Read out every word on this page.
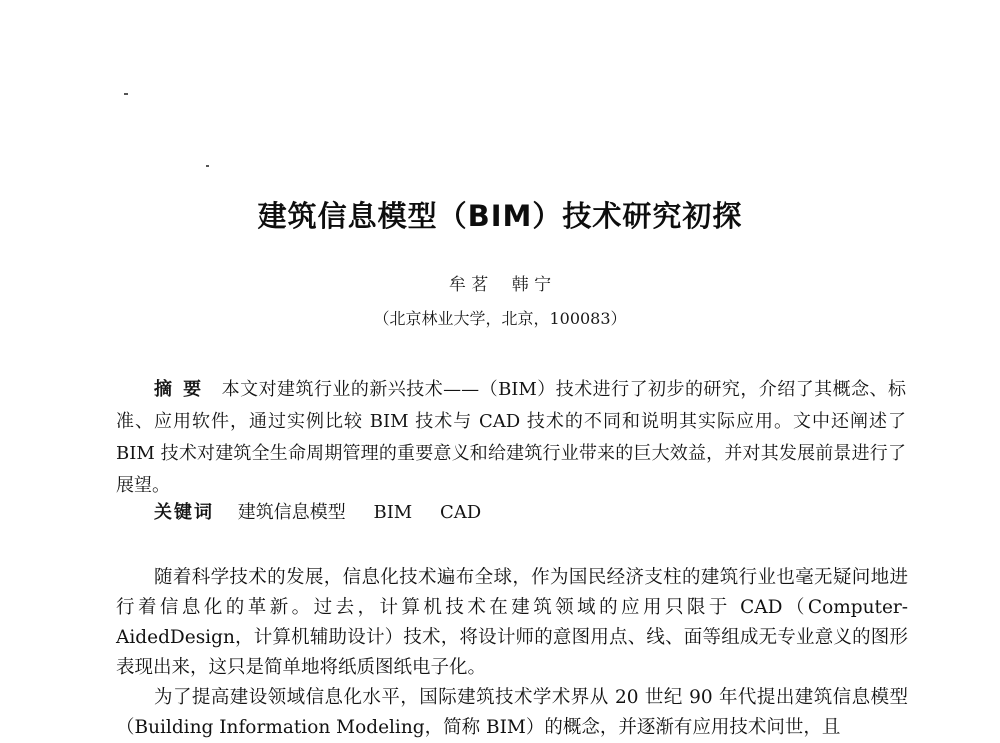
建筑信息模型（BIM）技术研究初探
牟 茗 韩 宁
（北京林业大学，北京，100083）
摘 要 本文对建筑行业的新兴技术——（BIM）技术进行了初步的研究，介绍了其概念、标准、应用软件，通过实例比较 BIM 技术与 CAD 技术的不同和说明其实际应用。文中还阐述了 BIM 技术对建筑全生命周期管理的重要意义和给建筑行业带来的巨大效益，并对其发展前景进行了展望。
关键词 建筑信息模型 BIM CAD

随着科学技术的发展，信息化技术遍布全球，作为国民经济支柱的建筑行业也毫无疑问地进行着信息化的革新。过去，计算机技术在建筑领域的应用只限于 CAD（Computer-AidedDesign，计算机辅助设计）技术，将设计师的意图用点、线、面等组成无专业意义的图形表现出来，这只是简单地将纸质图纸电子化。

为了提高建设领域信息化水平，国际建筑技术学术界从 20 世纪 90 年代提出建筑信息模型（Building Information Modeling，简称 BIM）的概念，并逐渐有应用技术问世，且
